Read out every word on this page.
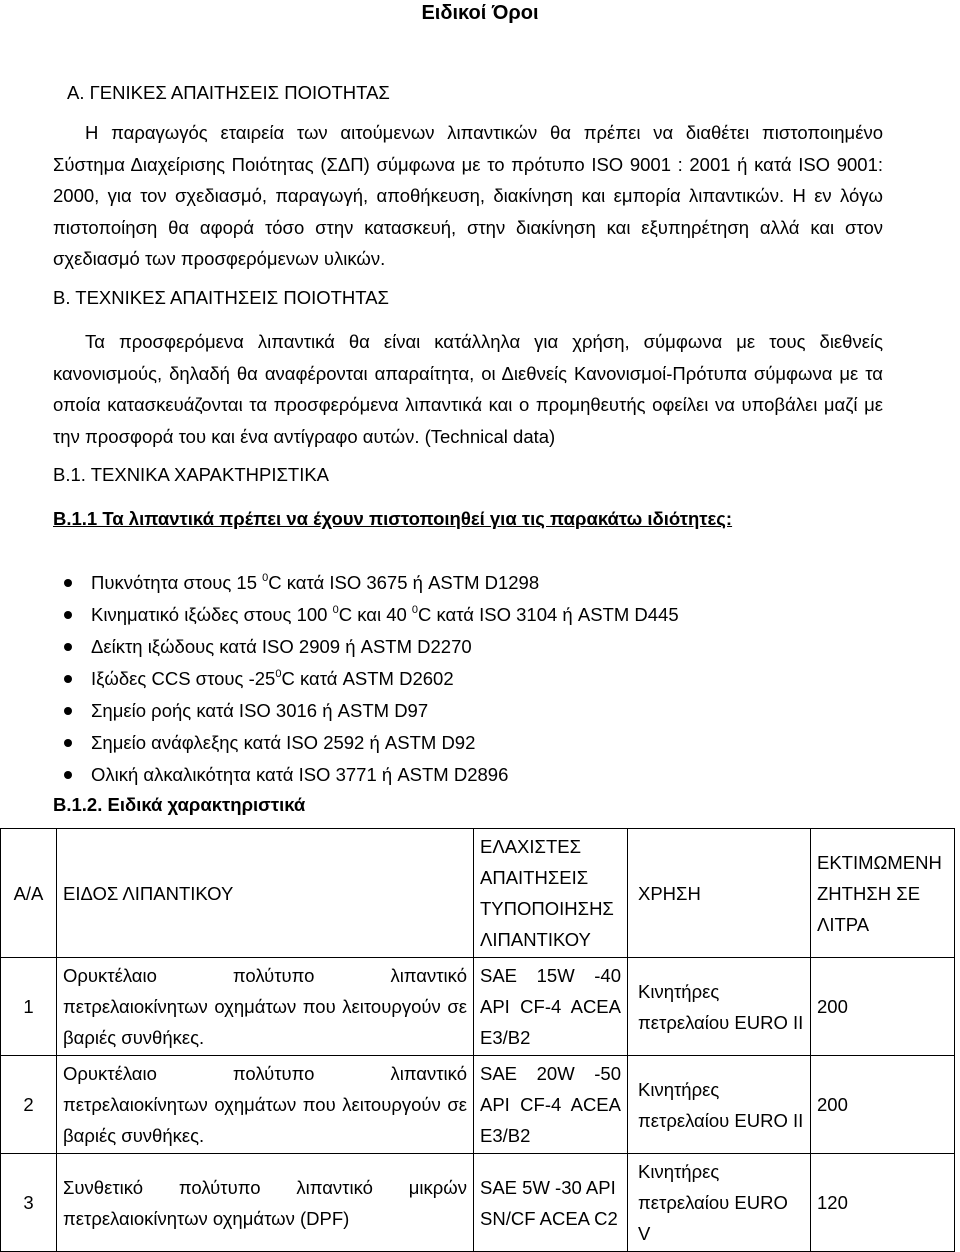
Ειδικοί Όροι
Α. ΓΕΝΙΚΕΣ ΑΠΑΙΤΗΣΕΙΣ ΠΟΙΟΤΗΤΑΣ

Η παραγωγός εταιρεία των αιτούμενων λιπαντικών θα πρέπει να διαθέτει πιστοποιημένο Σύστημα Διαχείρισης Ποιότητας (ΣΔΠ) σύμφωνα με το πρότυπο ISO 9001 : 2001 ή κατά ISO 9001: 2000, για τον σχεδιασμό, παραγωγή, αποθήκευση, διακίνηση και εμπορία λιπαντικών. Η εν λόγω πιστοποίηση θα αφορά τόσο στην κατασκευή, στην διακίνηση και εξυπηρέτηση αλλά και στον σχεδιασμό των προσφερόμενων υλικών.

Β. ΤΕΧΝΙΚΕΣ ΑΠΑΙΤΗΣΕΙΣ ΠΟΙΟΤΗΤΑΣ

Τα προσφερόμενα λιπαντικά θα είναι κατάλληλα για χρήση, σύμφωνα με τους διεθνείς κανονισμούς, δηλαδή θα αναφέρονται απαραίτητα, οι Διεθνείς Κανονισμοί-Πρότυπα σύμφωνα με τα οποία κατασκευάζονται τα προσφερόμενα λιπαντικά και ο προμηθευτής οφείλει να υποβάλει μαζί με την προσφορά του και ένα αντίγραφο αυτών. (Technical data)

Β.1. ΤΕΧΝΙΚΑ ΧΑΡΑΚΤΗΡΙΣΤΙΚΑ
Β.1.1 Τα λιπαντικά πρέπει να έχουν πιστοποιηθεί για τις παρακάτω ιδιότητες:
Πυκνότητα στους 15 $^0$C κατά ISO 3675 ή ASTM D1298
Κινηματικό ιξώδες στους 100 $^0$C και 40 $^0$C κατά ISO 3104 ή ASTM D445
Δείκτη ιξώδους κατά ISO 2909 ή ASTM D2270
Ιξώδες CCS στους $-25^0C$ κατά ASTM D2602
Σημείο ροής κατά ISO 3016 ή ASTM D97
Σημείο ανάφλεξης κατά ISO 2592 ή ASTM D92
Ολική αλκαλικότητα κατά ISO 3771 ή ASTM D2896
Β.1.2. Ειδικά χαρακτηριστικά
Α/Α	ΕΙΔΟΣ ΛΙΠΑΝΤΙΚΟΥ	ΕΛΑΧΙΣΤΕΣ ΑΠΑΙΤΗΣΕΙΣ ΤΥΠΟΠΟΙΗΣΗΣ ΛΙΠΑΝΤΙΚΟΥ	ΧΡΗΣΗ	ΕΚΤΙΜΩΜΕΝΗ ΖΗΤΗΣΗ ΣΕ ΛΙΤΡΑ
1	Ορυκτέλαιο πολύτυπο λιπαντικό πετρελαιοκίνητων οχημάτων που λειτουργούν σε βαριές συνθήκες.	SAE 15W -40 API CF-4 ACEA E3/B2	Κινητήρες πετρελαίου EURO II	200
2	Ορυκτέλαιο πολύτυπο λιπαντικό πετρελαιοκίνητων οχημάτων που λειτουργούν σε βαριές συνθήκες.	SAE 20W -50 API CF-4 ACEA E3/B2	Κινητήρες πετρελαίου EURO II	200
3	Συνθετικό πολύτυπο λιπαντικό μικρών πετρελαιοκίνητων οχημάτων (DPF)	SAE 5W -30 API SN/CF ACEA C2	Κινητήρες πετρελαίου EURO V	120
